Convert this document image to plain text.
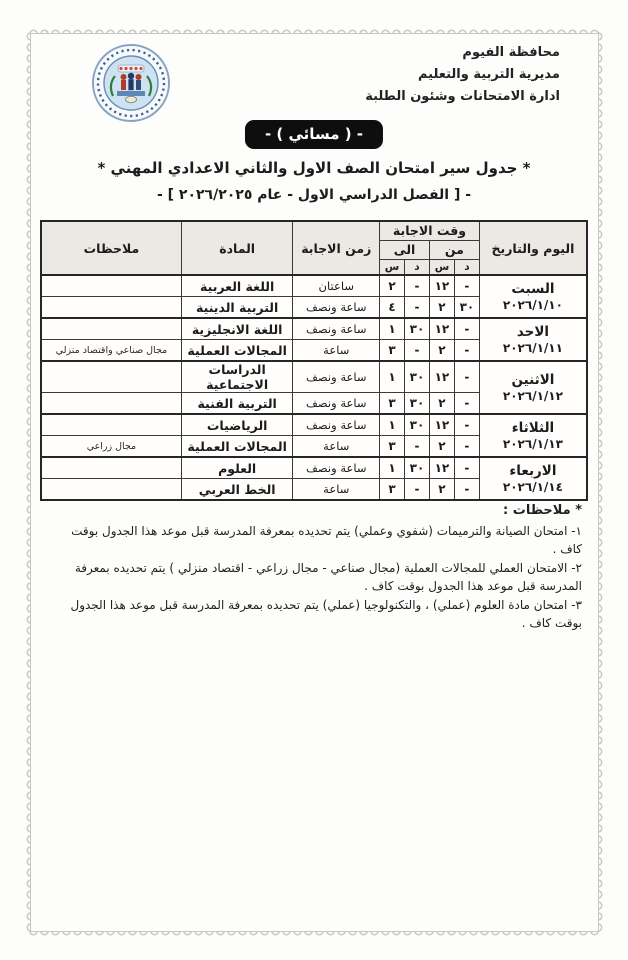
محافظة الفيوم
مديرية التربية والتعليم
ادارة الامتحانات وشئون الطلبة
- ( مسائي ) -
* جدول سير امتحان الصف الاول والثاني الاعدادي المهني *
- [ الفصل الدراسي الاول - عام ٢٠٢٦/٢٠٢٥ ] -
اليوم والتاريخ	وقت الاجابة				زمن الاجابة	المادة	ملاحظات
	من		الى				
	د	س	د	س			

السبت
٢٠٢٦/١/١٠	-	١٢	-	٢	ساعتان	اللغة العربية	
	٣٠	٢	-	٤	ساعة ونصف	التربية الدينية	

الاحد
٢٠٢٦/١/١١	-	١٢	٣٠	١	ساعة ونصف	اللغة الانجليزية	
	-	٢	-	٣	ساعة	المجالات العملية	مجال صناعي واقتصاد منزلي

الاثنين
٢٠٢٦/١/١٢	-	١٢	٣٠	١	ساعة ونصف	الدراسات الاجتماعية	
	-	٢	٣٠	٣	ساعة ونصف	التربية الفنية	

الثلاثاء
٢٠٢٦/١/١٣	-	١٢	٣٠	١	ساعة ونصف	الرياضيات	
	-	٢	-	٣	ساعة	المجالات العملية	مجال زراعي

الاربعاء
٢٠٢٦/١/١٤	-	١٢	٣٠	١	ساعة ونصف	العلوم	
	-	٢	-	٣	ساعة	الخط العربي	
* ملاحظات :
١- امتحان الصيانة والترميمات (شفوي وعملي) يتم تحديده بمعرفة المدرسة قبل موعد هذا الجدول بوقت كاف .
٢- الامتحان العملي للمجالات العملية (مجال صناعي - مجال زراعي - اقتصاد منزلي ) يتم تحديده بمعرفة المدرسة قبل موعد هذا الجدول بوقت كاف .
٣- امتحان مادة العلوم (عملي) ، والتكنولوجيا (عملي) يتم تحديده بمعرفة المدرسة قبل موعد هذا الجدول بوقت كاف .
